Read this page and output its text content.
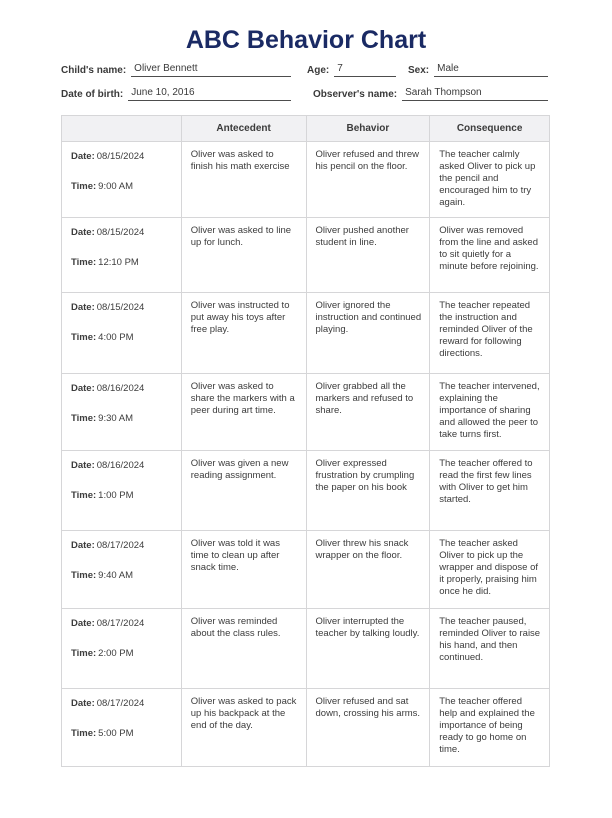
ABC Behavior Chart
Child's name: Oliver Bennett	Age: 7	Sex: Male
Date of birth: June 10, 2016	Observer's name: Sarah Thompson
Antecedent	Behavior	Consequence
Date: 08/15/2024
Time: 9:00 AM
Oliver was asked to finish his math exercise
Oliver refused and threw his pencil on the floor.
The teacher calmly asked Oliver to pick up the pencil and encouraged him to try again.
Date: 08/15/2024
Time: 12:10 PM
Oliver was asked to line up for lunch.
Oliver pushed another student in line.
Oliver was removed from the line and asked to sit quietly for a minute before rejoining.
Date: 08/15/2024
Time: 4:00 PM
Oliver was instructed to put away his toys after free play.
Oliver ignored the instruction and continued playing.
The teacher repeated the instruction and reminded Oliver of the reward for following directions.
Date: 08/16/2024
Time: 9:30 AM
Oliver was asked to share the markers with a peer during art time.
Oliver grabbed all the markers and refused to share.
The teacher intervened, explaining the importance of sharing and allowed the peer to take turns first.
Date: 08/16/2024
Time: 1:00 PM
Oliver was given a new reading assignment.
Oliver expressed frustration by crumpling the paper on his book
The teacher offered to read the first few lines with Oliver to get him started.
Date: 08/17/2024
Time: 9:40 AM
Oliver was told it was time to clean up after snack time.
Oliver threw his snack wrapper on the floor.
The teacher asked Oliver to pick up the wrapper and dispose of it properly, praising him once he did.
Date: 08/17/2024
Time: 2:00 PM
Oliver was reminded about the class rules.
Oliver interrupted the teacher by talking loudly.
The teacher paused, reminded Oliver to raise his hand, and then continued.
Date: 08/17/2024
Time: 5:00 PM
Oliver was asked to pack up his backpack at the end of the day.
Oliver refused and sat down, crossing his arms.
The teacher offered help and explained the importance of being ready to go home on time.
